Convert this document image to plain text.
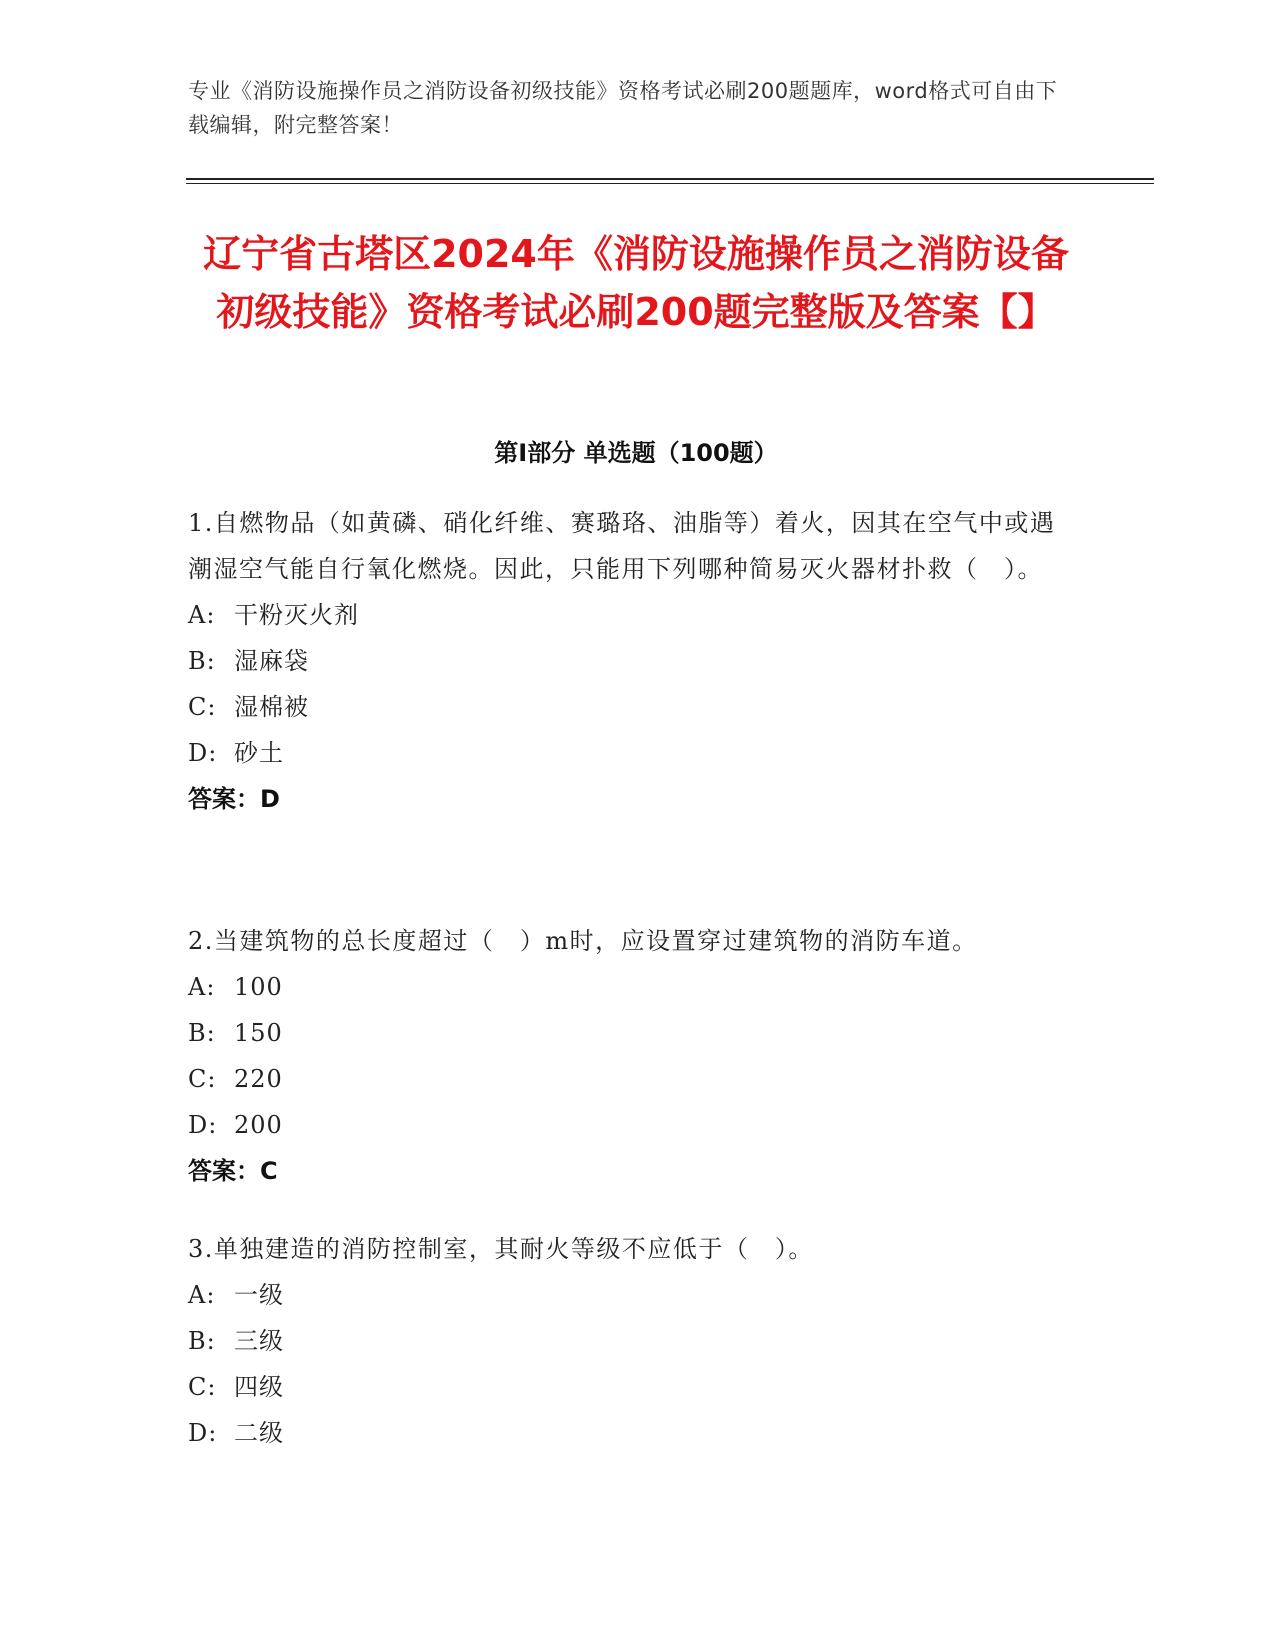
专业《消防设施操作员之消防设备初级技能》资格考试必刷200题题库，word格式可自由下载编辑，附完整答案！
辽宁省古塔区2024年《消防设施操作员之消防设备初级技能》资格考试必刷200题完整版及答案【】
第I部分 单选题（100题）
1.自燃物品（如黄磷、硝化纤维、赛璐珞、油脂等）着火，因其在空气中或遇潮湿空气能自行氧化燃烧。因此，只能用下列哪种简易灭火器材扑救（　）。
A: 干粉灭火剂
B: 湿麻袋
C: 湿棉被
D: 砂土
答案：D
2.当建筑物的总长度超过（　）m时，应设置穿过建筑物的消防车道。
A: 100
B: 150
C: 220
D: 200
答案：C
3.单独建造的消防控制室，其耐火等级不应低于（　）。
A: 一级
B: 三级
C: 四级
D: 二级
